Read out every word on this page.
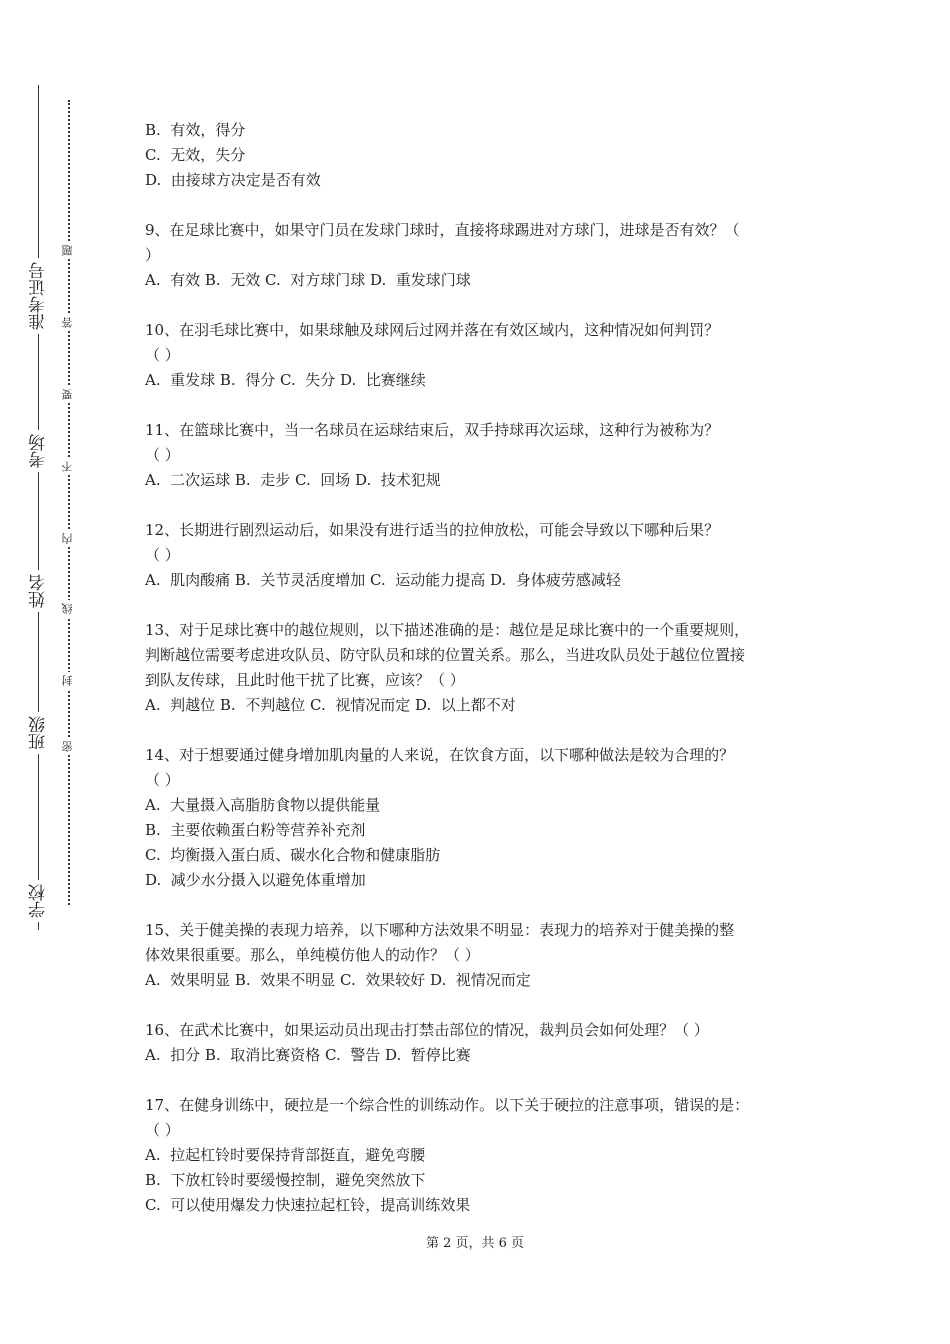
学校
班级
姓名
考场
准考证号
密
封
线
内
不
要
答
题

B.  有效，得分

C.  无效，失分

D.  由接球方决定是否有效

9、在足球比赛中，如果守门员在发球门球时，直接将球踢进对方球门，进球是否有效？（

）

A.  有效 B.  无效 C.  对方球门球 D.  重发球门球

10、在羽毛球比赛中，如果球触及球网后过网并落在有效区域内，这种情况如何判罚？

（ ）

A.  重发球 B.  得分 C.  失分 D.  比赛继续

11、在篮球比赛中，当一名球员在运球结束后，双手持球再次运球，这种行为被称为？

（ ）

A.  二次运球 B.  走步 C.  回场 D.  技术犯规

12、长期进行剧烈运动后，如果没有进行适当的拉伸放松，可能会导致以下哪种后果？

（ ）

A.  肌肉酸痛 B.  关节灵活度增加 C.  运动能力提高 D.  身体疲劳感减轻

13、对于足球比赛中的越位规则，以下描述准确的是：越位是足球比赛中的一个重要规则，

判断越位需要考虑进攻队员、防守队员和球的位置关系。那么，当进攻队员处于越位位置接

到队友传球，且此时他干扰了比赛，应该？（ ）

A.  判越位 B.  不判越位 C.  视情况而定 D.  以上都不对

14、对于想要通过健身增加肌肉量的人来说，在饮食方面，以下哪种做法是较为合理的？

（ ）

A.  大量摄入高脂肪食物以提供能量

B.  主要依赖蛋白粉等营养补充剂

C.  均衡摄入蛋白质、碳水化合物和健康脂肪

D.  减少水分摄入以避免体重增加

15、关于健美操的表现力培养，以下哪种方法效果不明显：表现力的培养对于健美操的整

体效果很重要。那么，单纯模仿他人的动作？（ ）

A.  效果明显 B.  效果不明显 C.  效果较好 D.  视情况而定

16、在武术比赛中，如果运动员出现击打禁击部位的情况，裁判员会如何处理？（ ）

A.  扣分 B.  取消比赛资格 C.  警告 D.  暂停比赛

17、在健身训练中，硬拉是一个综合性的训练动作。以下关于硬拉的注意事项，错误的是：

（ ）

A.  拉起杠铃时要保持背部挺直，避免弯腰

B.  下放杠铃时要缓慢控制，避免突然放下

C.  可以使用爆发力快速拉起杠铃，提高训练效果

第 2 页，共 6 页
